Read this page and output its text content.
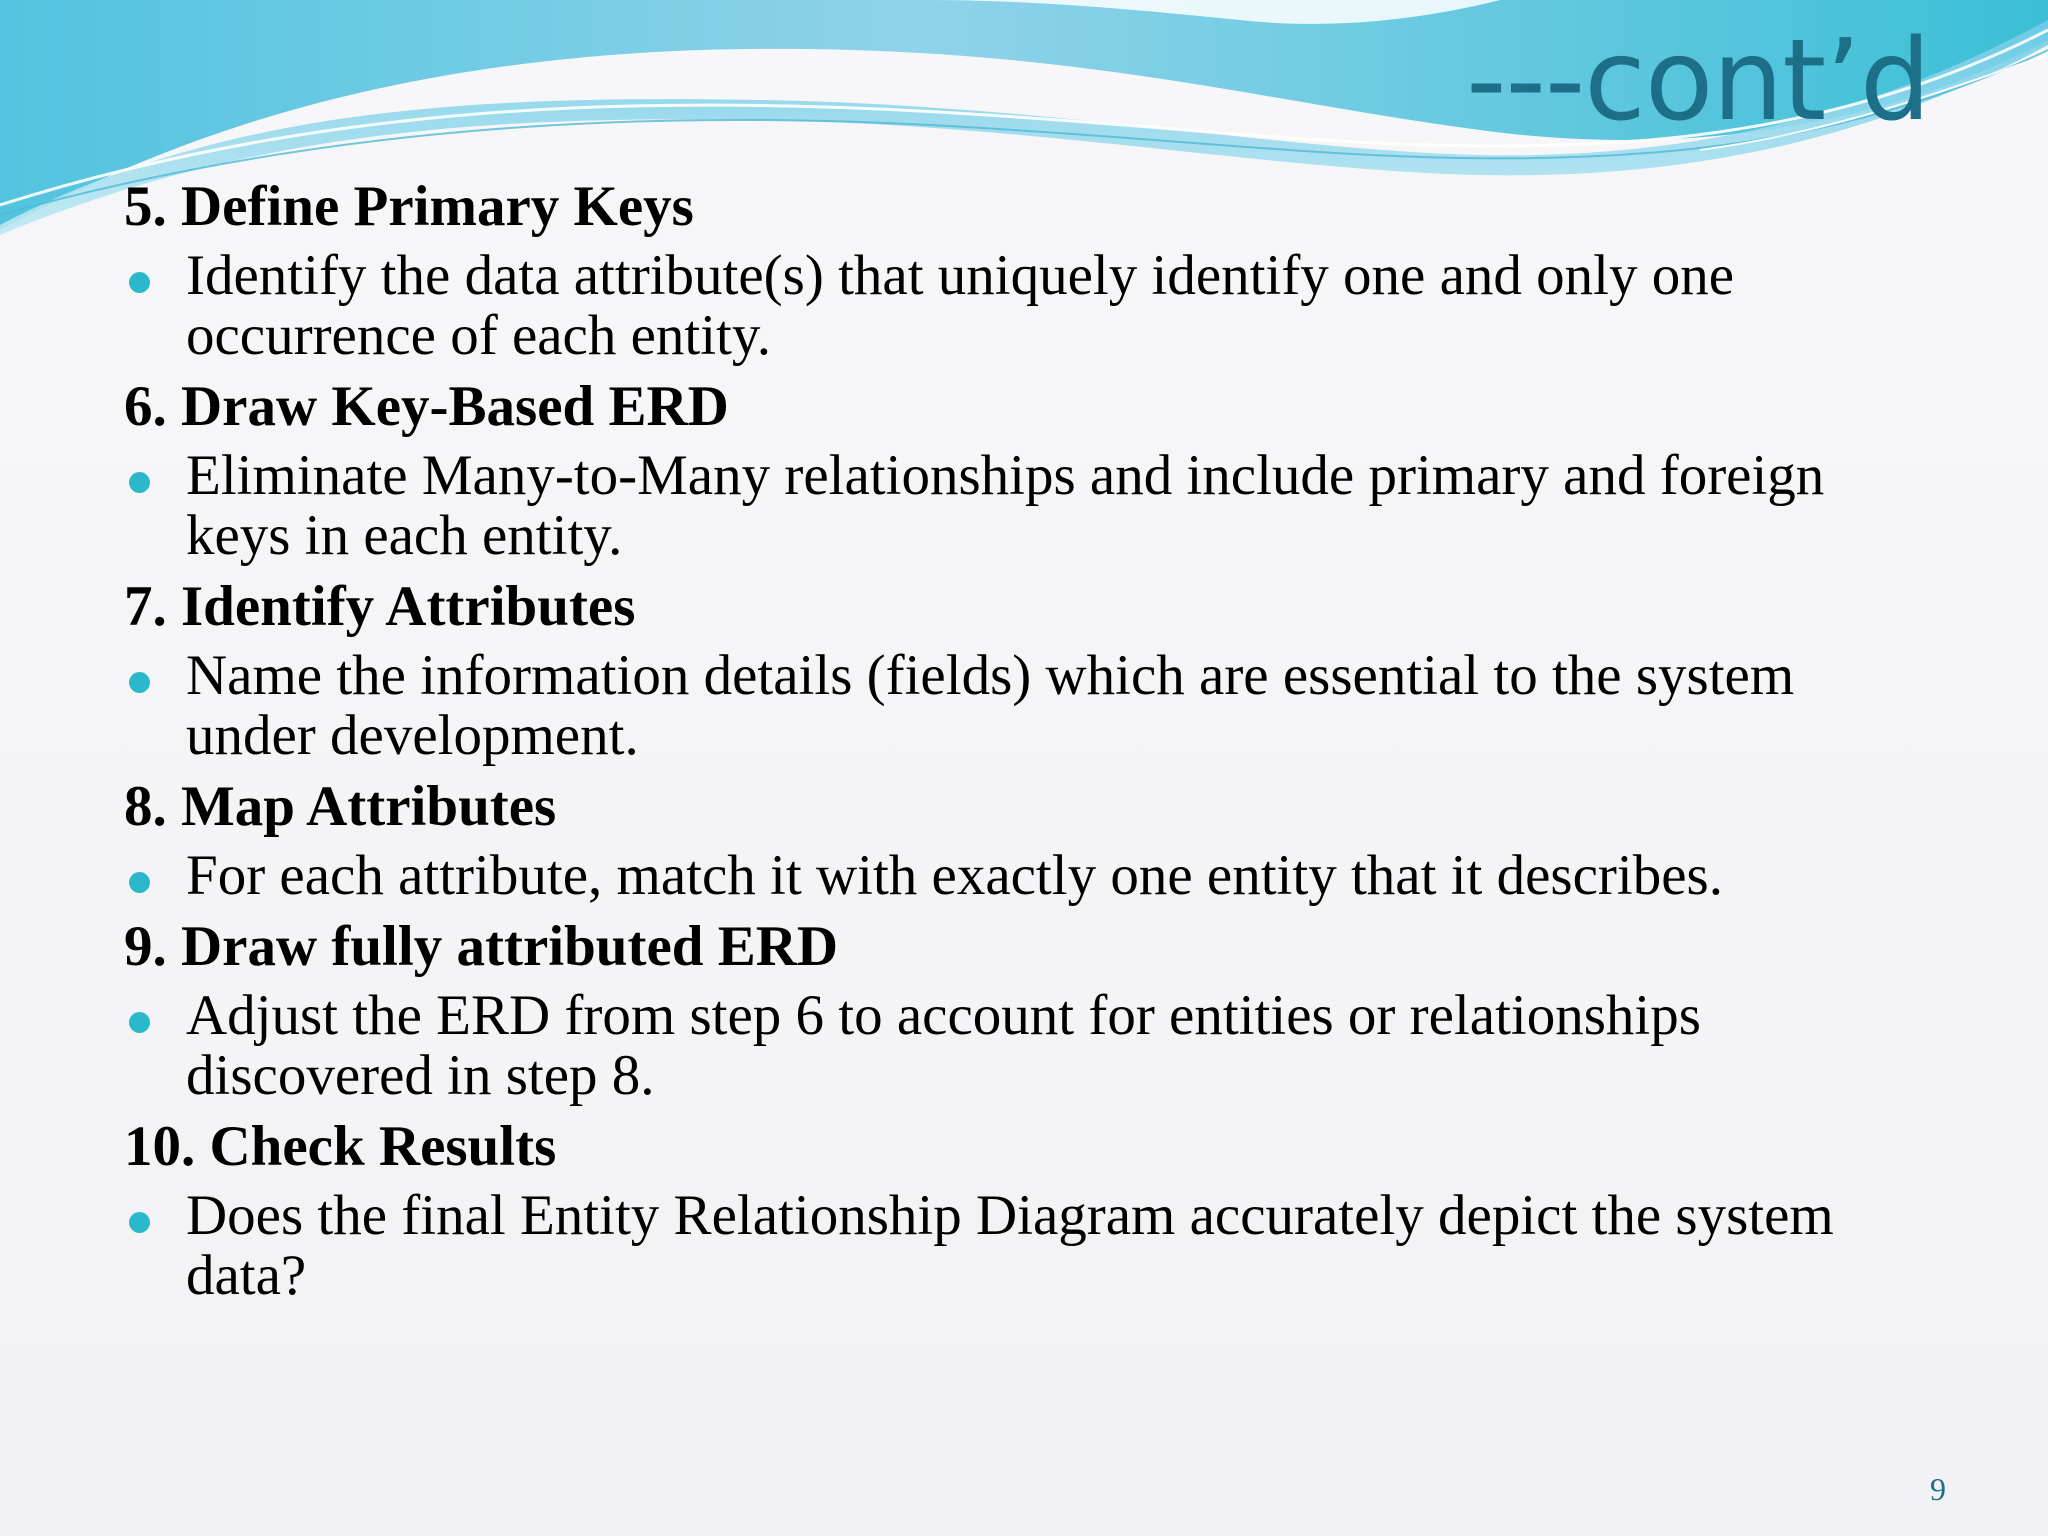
---cont’d

5. Define Primary Keys

Identify the data attribute(s) that uniquely identify one and only one occurrence of each entity.

6. Draw Key-Based ERD

Eliminate Many-to-Many relationships and include primary and foreign keys in each entity.

7. Identify Attributes

Name the information details (fields) which are essential to the system under development.

8. Map Attributes

For each attribute, match it with exactly one entity that it describes.

9. Draw fully attributed ERD

Adjust the ERD from step 6 to account for entities or relationships discovered in step 8.

10. Check Results

Does the final Entity Relationship Diagram accurately depict the system data?
9
